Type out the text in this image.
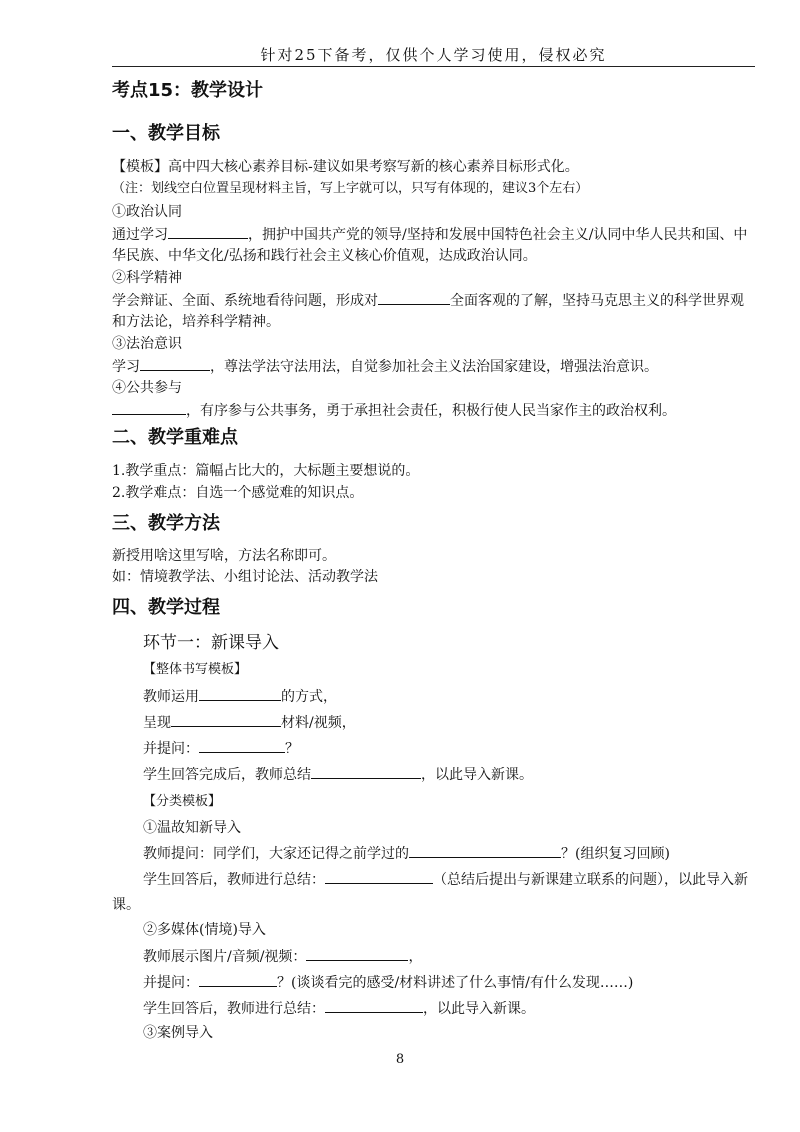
针对25下备考，仅供个人学习使用，侵权必究
考点15：教学设计
一、教学目标
【模板】高中四大核心素养目标-建议如果考察写新的核心素养目标形式化。
（注：划线空白位置呈现材料主旨，写上字就可以，只写有体现的，建议3个左右）
①政治认同
通过学习	，拥护中国共产党的领导/坚持和发展中国特色社会主义/认同中华人民共和国、中
华民族、中华文化/弘扬和践行社会主义核心价值观，达成政治认同。
②科学精神
学会辩证、全面、系统地看待问题，形成对	全面客观的了解，坚持马克思主义的科学世界观
和方法论，培养科学精神。
③法治意识
学习	，尊法学法守法用法，自觉参加社会主义法治国家建设，增强法治意识。
④公共参与
，有序参与公共事务，勇于承担社会责任，积极行使人民当家作主的政治权利。
二、教学重难点
1.教学重点：篇幅占比大的，大标题主要想说的。
2.教学难点：自选一个感觉难的知识点。
三、教学方法
新授用啥这里写啥，方法名称即可。
如：情境教学法、小组讨论法、活动教学法
四、教学过程
环节一：新课导入
【整体书写模板】
教师运用	的方式，
呈现	材料/视频，
并提问：	？
学生回答完成后，教师总结	，以此导入新课。
【分类模板】
①温故知新导入
教师提问：同学们，大家还记得之前学过的	？(组织复习回顾)
学生回答后，教师进行总结：	（总结后提出与新课建立联系的问题），以此导入新
课。
②多媒体(情境)导入
教师展示图片/音频/视频：	，
并提问：	？(谈谈看完的感受/材料讲述了什么事情/有什么发现……)
学生回答后，教师进行总结：	，以此导入新课。
③案例导入
8
